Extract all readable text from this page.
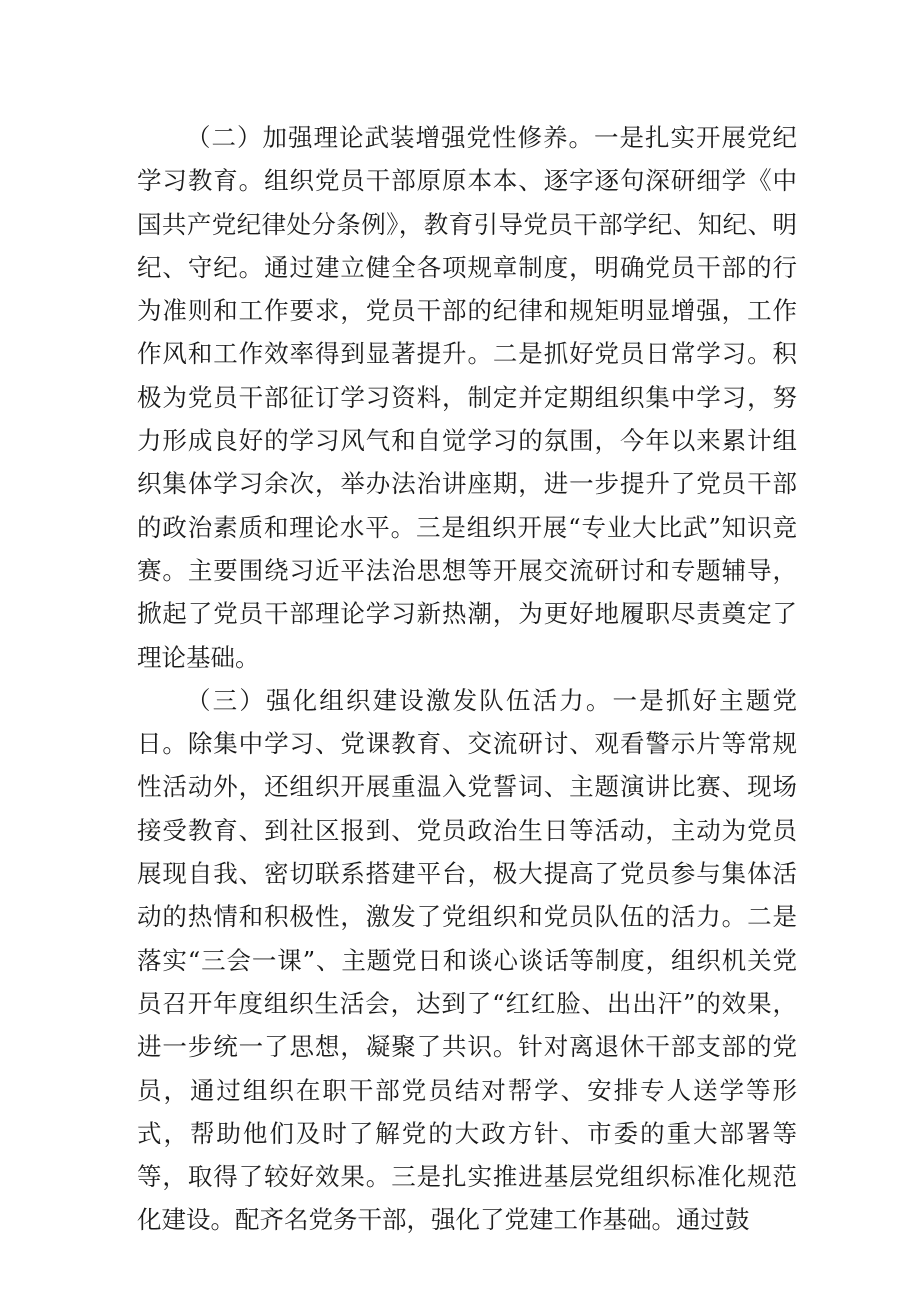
（二）加强理论武装增强党性修养。一是扎实开展党纪学习教育。组织党员干部原原本本、逐字逐句深研细学《中国共产党纪律处分条例》，教育引导党员干部学纪、知纪、明纪、守纪。通过建立健全各项规章制度，明确党员干部的行为准则和工作要求，党员干部的纪律和规矩明显增强，工作作风和工作效率得到显著提升。二是抓好党员日常学习。积极为党员干部征订学习资料，制定并定期组织集中学习，努力形成良好的学习风气和自觉学习的氛围，今年以来累计组织集体学习余次，举办法治讲座期，进一步提升了党员干部的政治素质和理论水平。三是组织开展“专业大比武”知识竞赛。主要围绕习近平法治思想等开展交流研讨和专题辅导，掀起了党员干部理论学习新热潮，为更好地履职尽责奠定了理论基础。

（三）强化组织建设激发队伍活力。一是抓好主题党日。除集中学习、党课教育、交流研讨、观看警示片等常规性活动外，还组织开展重温入党誓词、主题演讲比赛、现场接受教育、到社区报到、党员政治生日等活动，主动为党员展现自我、密切联系搭建平台，极大提高了党员参与集体活动的热情和积极性，激发了党组织和党员队伍的活力。二是落实“三会一课”、主题党日和谈心谈话等制度，组织机关党员召开年度组织生活会，达到了“红红脸、出出汗”的效果，进一步统一了思想，凝聚了共识。针对离退休干部支部的党员，通过组织在职干部党员结对帮学、安排专人送学等形式，帮助他们及时了解党的大政方针、市委的重大部署等等，取得了较好效果。三是扎实推进基层党组织标准化规范化建设。配齐名党务干部，强化了党建工作基础。通过鼓
